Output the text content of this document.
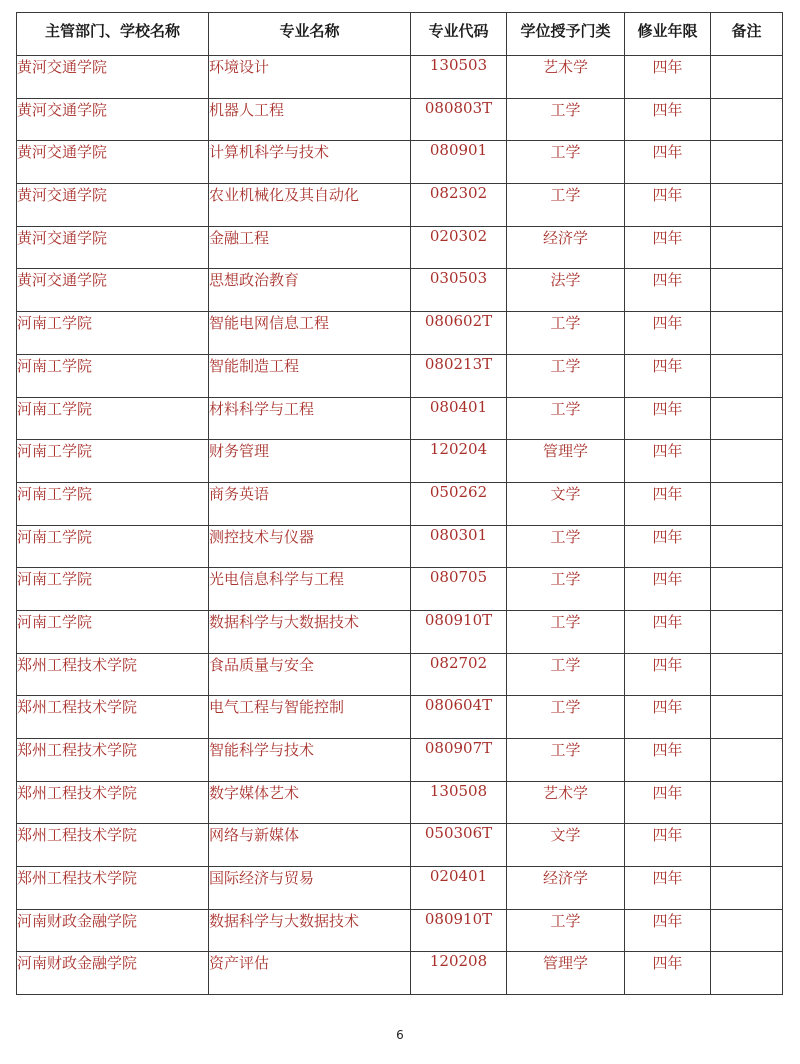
主管部门、学校名称	专业名称	专业代码	学位授予门类	修业年限	备注
黄河交通学院	环境设计	130503	艺术学	四年	
黄河交通学院	机器人工程	080803T	工学	四年	
黄河交通学院	计算机科学与技术	080901	工学	四年	
黄河交通学院	农业机械化及其自动化	082302	工学	四年	
黄河交通学院	金融工程	020302	经济学	四年	
黄河交通学院	思想政治教育	030503	法学	四年	
河南工学院	智能电网信息工程	080602T	工学	四年	
河南工学院	智能制造工程	080213T	工学	四年	
河南工学院	材料科学与工程	080401	工学	四年	
河南工学院	财务管理	120204	管理学	四年	
河南工学院	商务英语	050262	文学	四年	
河南工学院	测控技术与仪器	080301	工学	四年	
河南工学院	光电信息科学与工程	080705	工学	四年	
河南工学院	数据科学与大数据技术	080910T	工学	四年	
郑州工程技术学院	食品质量与安全	082702	工学	四年	
郑州工程技术学院	电气工程与智能控制	080604T	工学	四年	
郑州工程技术学院	智能科学与技术	080907T	工学	四年	
郑州工程技术学院	数字媒体艺术	130508	艺术学	四年	
郑州工程技术学院	网络与新媒体	050306T	文学	四年	
郑州工程技术学院	国际经济与贸易	020401	经济学	四年	
河南财政金融学院	数据科学与大数据技术	080910T	工学	四年	
河南财政金融学院	资产评估	120208	管理学	四年	
6
